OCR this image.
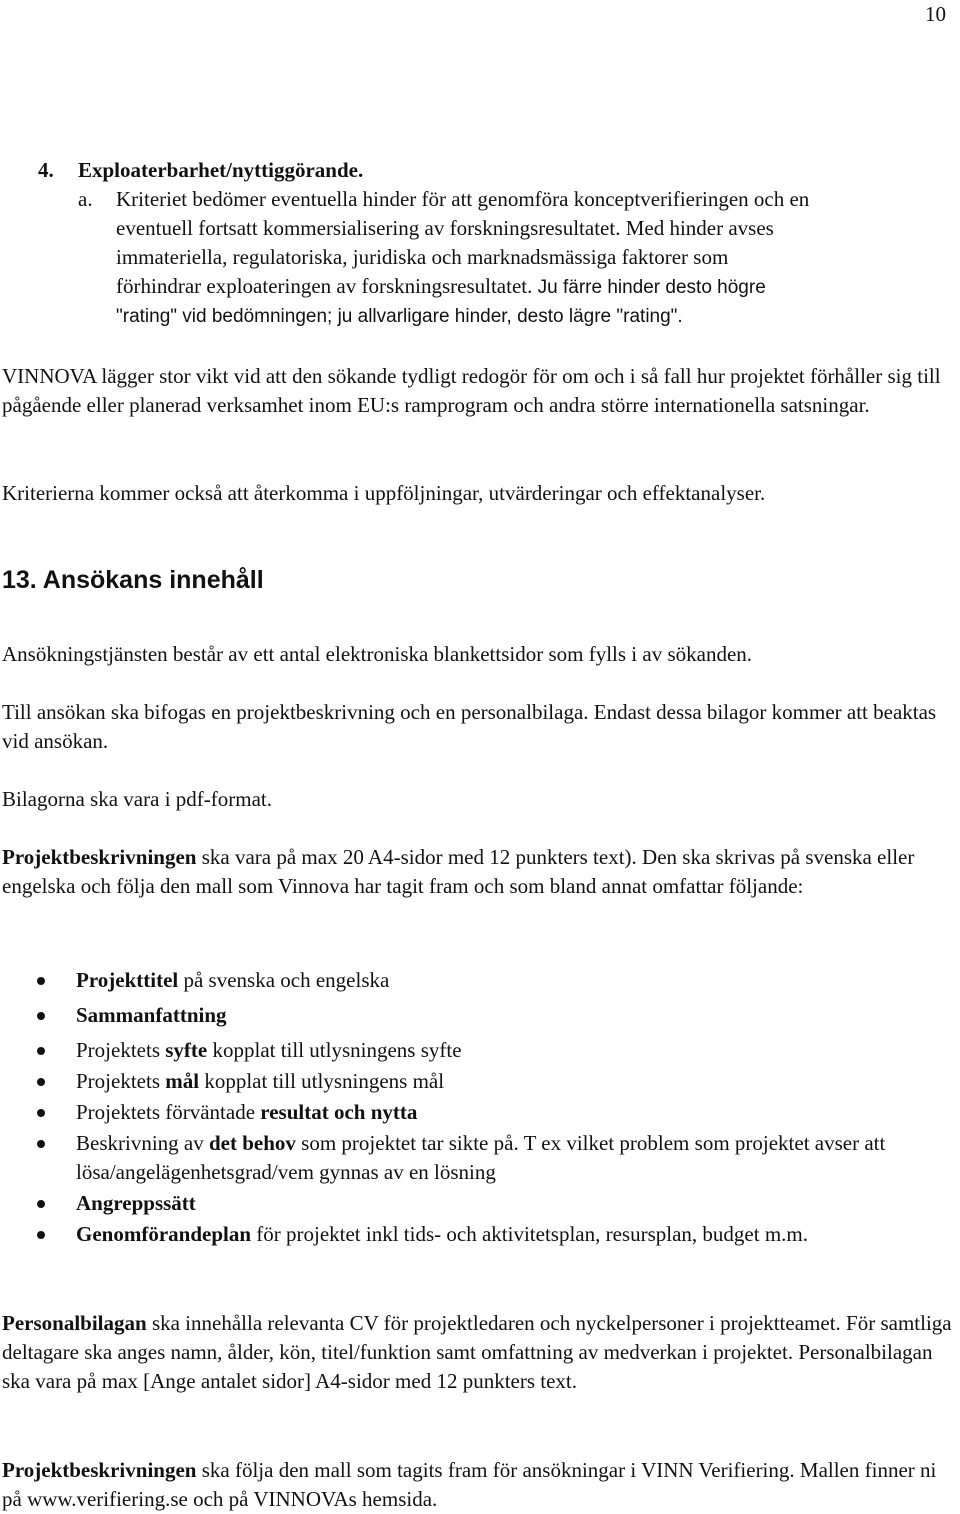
10
4. Exploaterbarhet/nyttiggörande.
a. Kriteriet bedömer eventuella hinder för att genomföra konceptverifieringen och en
eventuell fortsatt kommersialisering av forskningsresultatet. Med hinder avses
immateriella, regulatoriska, juridiska och marknadsmässiga faktorer som
förhindrar exploateringen av forskningsresultatet. Ju färre hinder desto högre
"rating" vid bedömningen; ju allvarligare hinder, desto lägre "rating".

VINNOVA lägger stor vikt vid att den sökande tydligt redogör för om och i så fall hur projektet förhåller sig till pågående eller planerad verksamhet inom EU:s ramprogram och andra större internationella satsningar.

Kriterierna kommer också att återkomma i uppföljningar, utvärderingar och effektanalyser.

13. Ansökans innehåll

Ansökningstjänsten består av ett antal elektroniska blankettsidor som fylls i av sökanden.

Till ansökan ska bifogas en projektbeskrivning och en personalbilaga. Endast dessa bilagor kommer att beaktas vid ansökan.

Bilagorna ska vara i pdf-format.

Projektbeskrivningen ska vara på max 20 A4-sidor med 12 punkters text). Den ska skrivas på svenska eller engelska och följa den mall som Vinnova har tagit fram och som bland annat omfattar följande:

Projekttitel på svenska och engelska
Sammanfattning
Projektets syfte kopplat till utlysningens syfte
Projektets mål kopplat till utlysningens mål
Projektets förväntade resultat och nytta
Beskrivning av det behov som projektet tar sikte på. T ex vilket problem som projektet avser att lösa/angelägenhetsgrad/vem gynnas av en lösning
Angreppssätt
Genomförandeplan för projektet inkl tids- och aktivitetsplan, resursplan, budget m.m.

Personalbilagan ska innehålla relevanta CV för projektledaren och nyckelpersoner i projektteamet. För samtliga deltagare ska anges namn, ålder, kön, titel/funktion samt omfattning av medverkan i projektet. Personalbilagan ska vara på max [Ange antalet sidor] A4-sidor med 12 punkters text.

Projektbeskrivningen ska följa den mall som tagits fram för ansökningar i VINN Verifiering. Mallen finner ni på www.verifiering.se och på VINNOVAs hemsida.
